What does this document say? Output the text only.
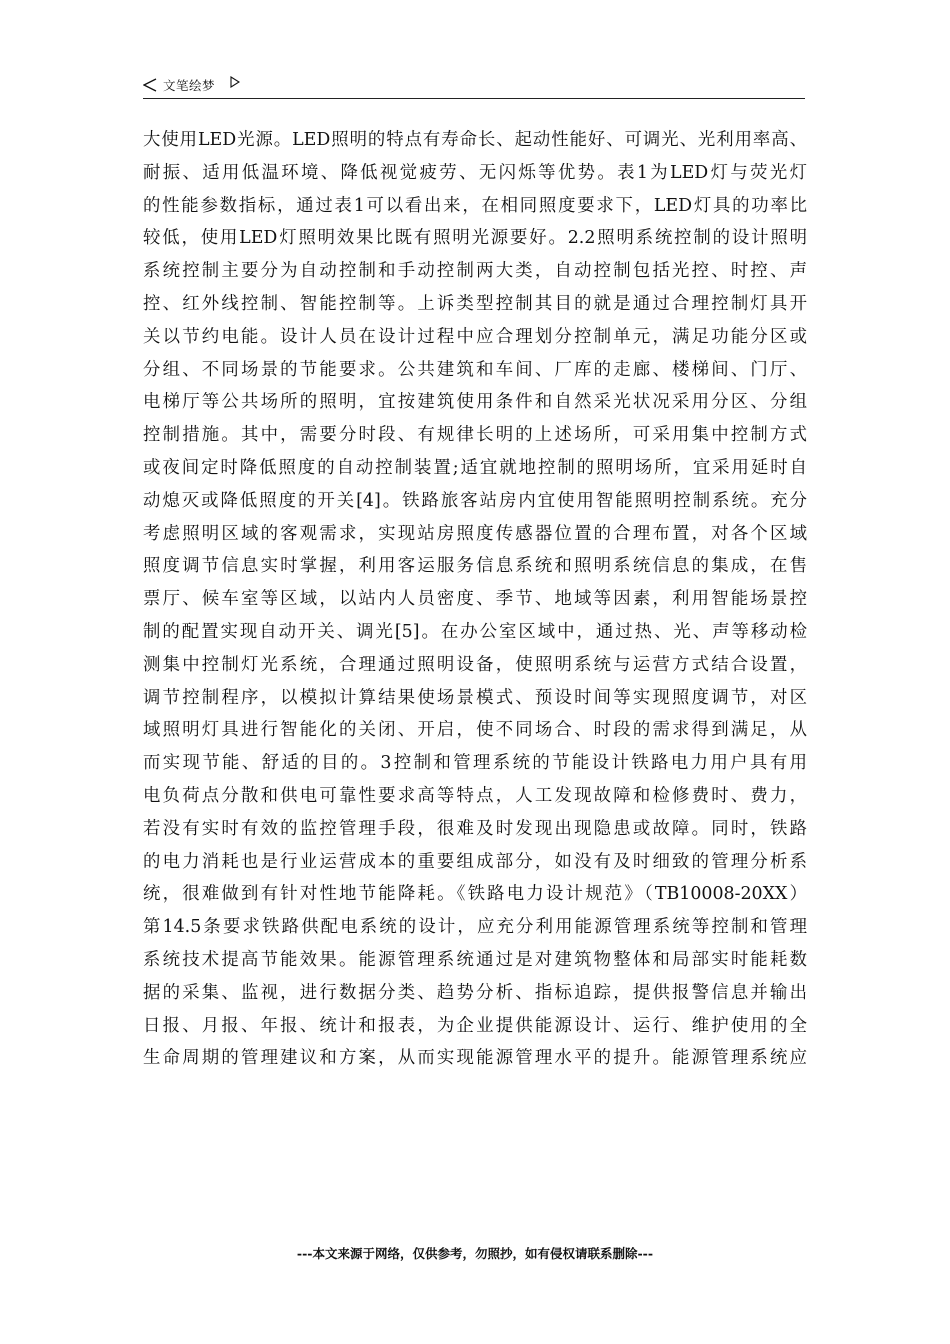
文笔绘梦
大使用LED光源。LED照明的特点有寿命长、起动性能好、可调光、光利用率高、
耐振、适用低温环境、降低视觉疲劳、无闪烁等优势。表1为LED灯与荧光灯
的性能参数指标，通过表1可以看出来，在相同照度要求下，LED灯具的功率比
较低，使用LED灯照明效果比既有照明光源要好。2.2照明系统控制的设计照明
系统控制主要分为自动控制和手动控制两大类，自动控制包括光控、时控、声
控、红外线控制、智能控制等。上诉类型控制其目的就是通过合理控制灯具开
关以节约电能。设计人员在设计过程中应合理划分控制单元，满足功能分区或
分组、不同场景的节能要求。公共建筑和车间、厂库的走廊、楼梯间、门厅、
电梯厅等公共场所的照明，宜按建筑使用条件和自然采光状况采用分区、分组
控制措施。其中，需要分时段、有规律长明的上述场所，可采用集中控制方式
或夜间定时降低照度的自动控制装置;适宜就地控制的照明场所，宜采用延时自
动熄灭或降低照度的开关[4]。铁路旅客站房内宜使用智能照明控制系统。充分
考虑照明区域的客观需求，实现站房照度传感器位置的合理布置，对各个区域
照度调节信息实时掌握，利用客运服务信息系统和照明系统信息的集成，在售
票厅、候车室等区域，以站内人员密度、季节、地域等因素，利用智能场景控
制的配置实现自动开关、调光[5]。在办公室区域中，通过热、光、声等移动检
测集中控制灯光系统，合理通过照明设备，使照明系统与运营方式结合设置，
调节控制程序，以模拟计算结果使场景模式、预设时间等实现照度调节，对区
域照明灯具进行智能化的关闭、开启，使不同场合、时段的需求得到满足，从
而实现节能、舒适的目的。3控制和管理系统的节能设计铁路电力用户具有用
电负荷点分散和供电可靠性要求高等特点，人工发现故障和检修费时、费力，
若没有实时有效的监控管理手段，很难及时发现出现隐患或故障。同时，铁路
的电力消耗也是行业运营成本的重要组成部分，如没有及时细致的管理分析系
统，很难做到有针对性地节能降耗。《铁路电力设计规范》（TB10008-20XX）
第14.5条要求铁路供配电系统的设计，应充分利用能源管理系统等控制和管理
系统技术提高节能效果。能源管理系统通过是对建筑物整体和局部实时能耗数
据的采集、监视，进行数据分类、趋势分析、指标追踪，提供报警信息并输出
日报、月报、年报、统计和报表，为企业提供能源设计、运行、维护使用的全
生命周期的管理建议和方案，从而实现能源管理水平的提升。能源管理系统应
---本文来源于网络，仅供参考，勿照抄，如有侵权请联系删除---
